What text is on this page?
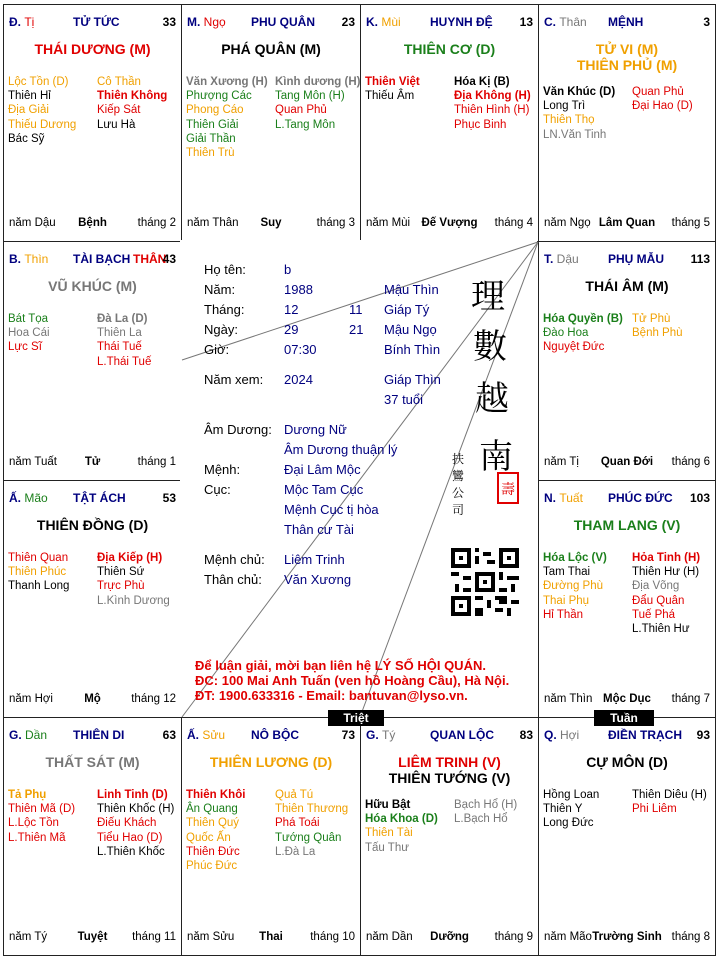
Đ. Tị	TỬ TỨC	33
THÁI DƯƠNG (M)
Lộc Tồn (D)
Thiên Hỉ
Địa Giải
Thiếu Dương
Bác Sỹ
Cô Thần
Thiên Không
Kiếp Sát
Lưu Hà
năm Dậu	Bệnh	tháng 2
M. Ngọ PHU QUÂN 23
PHÁ QUÂN (M)
Văn Xương (H)
Phượng Các
Phong Cáo
Thiên Giải
Giải Thần
Thiên Trù
Kình dương (H)
Tang Môn (H)
Quan Phủ
L.Tang Môn
năm Thân	Suy	tháng 3
K. Mùi HUYNH ĐỆ 13
THIÊN CƠ (D)
Thiên Việt
Thiếu Âm
Hóa Kị (B)
Địa Không (H)
Thiên Hình (H)
Phục Binh
năm Mùi Đế Vượng	tháng 4
C. Thân MỆNH	3
TỬ VI (M)
THIÊN PHỦ (M)
Văn Khúc (D)
Long Trì
Thiên Thọ
LN.Văn Tinh
Quan Phủ
Đại Hao (D)
năm Ngọ Lâm Quan	tháng 5
B. Thìn TÀI BẠCH THÂN
43
VŨ KHÚC (M)
Bát Tọa
Hoa Cái
Lực Sĩ
Đà La (D)
Thiên La
Thái Tuế
L.Thái Tuế
năm Tuất	Tử	tháng 1
T. Dậu PHỤ MẪU 113
THÁI ÂM (M)
Hóa Quyền (B)
Đào Hoa
Nguyệt Đức
Tử Phù
Bệnh Phù
năm Tị	Quan Đới	tháng 6
Ấ. Mão TẬT ÁCH	53
THIÊN ĐỒNG (D)
Thiên Quan
Thiên Phúc
Thanh Long
Địa Kiếp (H)
Thiên Sứ
Trực Phù
L.Kình Dương
năm Hợi	Mộ	tháng 12
N. Tuất PHÚC ĐỨC 103
THAM LANG (V)
Hóa Lộc (V)
Tam Thai
Đường Phù
Thai Phụ
Hỉ Thần
Hỏa Tinh (H)
Thiên Hư (H)
Địa Võng
Đẩu Quân
Tuế Phá
L.Thiên Hư
năm Thìn Mộc Dục	tháng 7
G. Dần THIÊN DI	63
THẤT SÁT (M)
Tả Phụ
Thiên Mã (D)
L.Lộc Tồn
L.Thiên Mã
Linh Tinh (D)
Thiên Khốc (H)
Điếu Khách
Tiểu Hao (D)
L.Thiên Khốc
năm Tý	Tuyệt	tháng 11
Ấ. Sửu NÔ BỘC	73
THIÊN LƯƠNG (D)
Thiên Khôi
Ân Quang
Thiên Quý
Quốc Ấn
Thiên Đức
Phúc Đức
Quả Tú
Thiên Thương
Phá Toái
Tướng Quân
L.Đà La
năm Sửu	Thai	tháng 10
G. Tý	QUAN LỘC 83
LIÊM TRINH (V)
THIÊN TƯỚNG (V)
Hữu Bật
Hóa Khoa (D)
Thiên Tài
Tấu Thư
Bạch Hổ (H)
L.Bạch Hổ
năm Dần	Dưỡng	tháng 9
Q. Hợi ĐIỀN TRẠCH 93
CỰ MÔN (D)
Hồng Loan
Thiên Y
Long Đức
Thiên Diêu (H)
Phi Liêm
năm Mão Trường Sinh tháng 8
Họ tên:	b
Năm:	1988	Mậu Thìn
Tháng:	12	11 Giáp Tý
Ngày:	29	21 Mậu Ngọ
Giờ:	07:30	Bính Thìn
Năm xem: 2024	Giáp Thìn
37 tuổi
Âm Dương: Dương Nữ
Âm Dương thuận lý
Mệnh:	Đại Lâm Mộc
Cục:	Mộc Tam Cục
Mệnh Cục tị hòa
Thân cư Tài
Mệnh chủ: Liêm Trinh
Thân chủ: Văn Xương
理
數
越
南
扶
鸞
公
司
壽
Để luận giải, mời bạn liên hệ LÝ SỐ HỘI QUÁN.
ĐC: 100 Mai Anh Tuấn (ven hồ Hoàng Cầu), Hà Nội.
ĐT: 1900.633316 - Email: bantuvan@lyso.vn.
Triệt	Tuần
